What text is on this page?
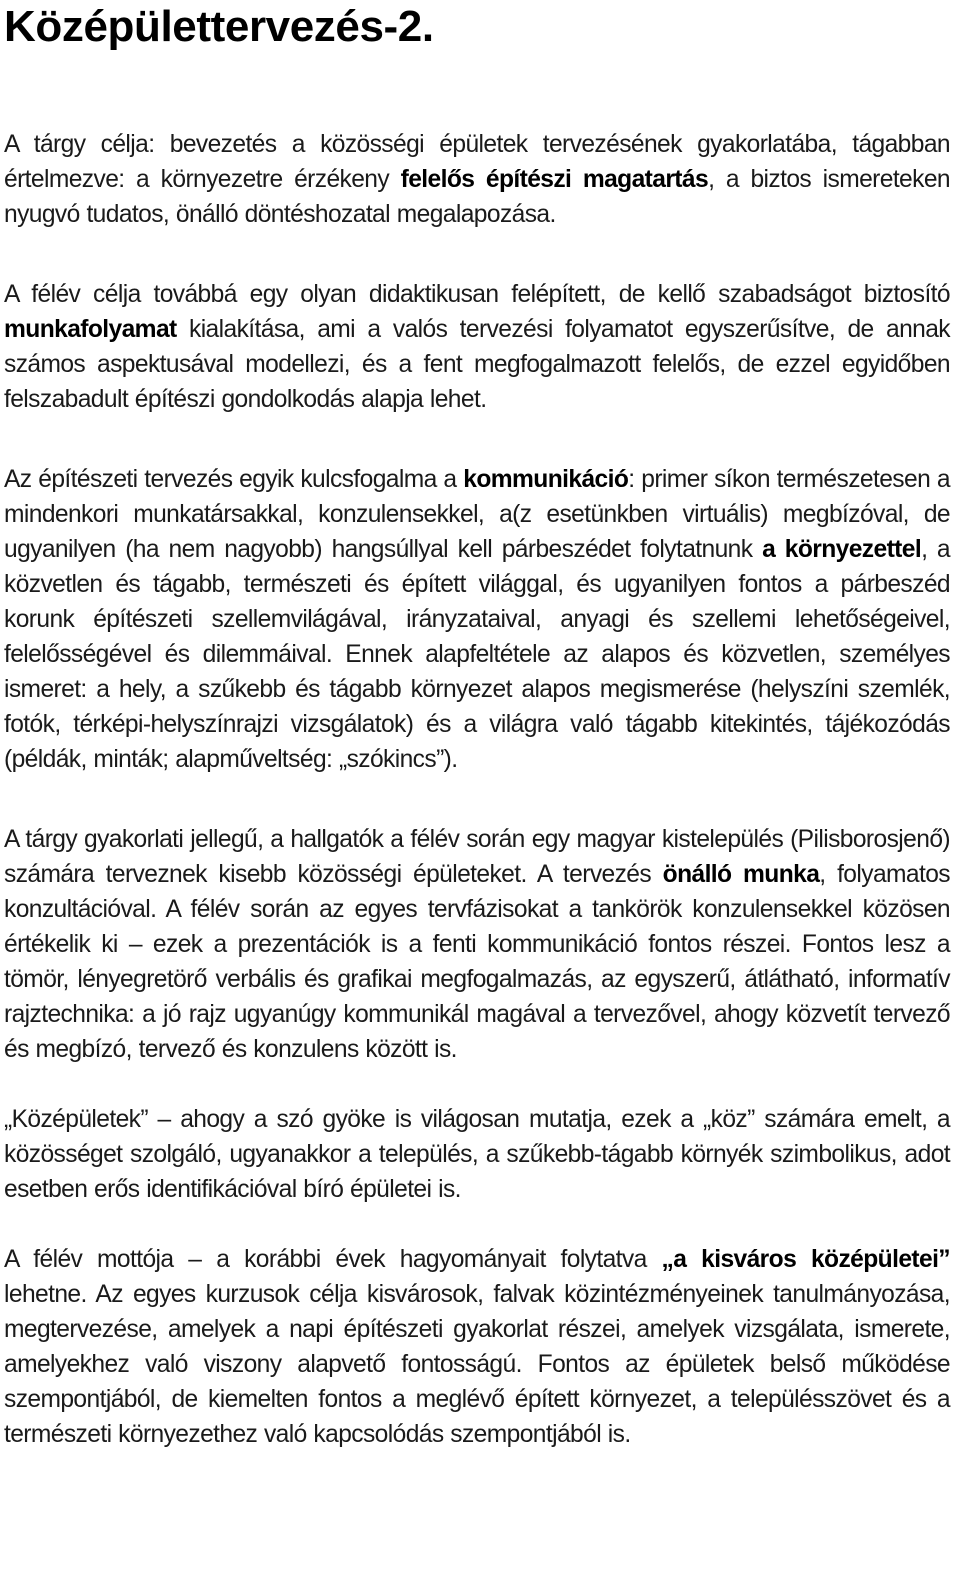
Középülettervezés-2.

A tárgy célja: bevezetés a közösségi épületek tervezésének gyakorlatába, tágabban értelmezve: a környezetre érzékeny felelős építészi magatartás, a biztos ismereteken nyugvó tudatos, önálló döntéshozatal megalapozása.

A félév célja továbbá egy olyan didaktikusan felépített, de kellő szabadságot biztosító munkafolyamat kialakítása, ami a valós tervezési folyamatot egyszerűsítve, de annak számos aspektusával modellezi, és a fent megfogalmazott felelős, de ezzel egyidőben felszabadult építészi gondolkodás alapja lehet.

Az építészeti tervezés egyik kulcsfogalma a kommunikáció: primer síkon természetesen a mindenkori munkatársakkal, konzulensekkel, a(z esetünkben virtuális) megbízóval, de ugyanilyen (ha nem nagyobb) hangsúllyal kell párbeszédet folytatnunk a környezettel, a közvetlen és tágabb, természeti és épített világgal, és ugyanilyen fontos a párbeszéd korunk építészeti szellemvilágával, irányzataival, anyagi és szellemi lehetőségeivel, felelősségével és dilemmáival. Ennek alapfeltétele az alapos és közvetlen, személyes ismeret: a hely, a szűkebb és tágabb környezet alapos megismerése (helyszíni szemlék, fotók, térképi-helyszínrajzi vizsgálatok) és a világra való tágabb kitekintés, tájékozódás (példák, minták; alapműveltség: „szókincs”).

A tárgy gyakorlati jellegű, a hallgatók a félév során egy magyar kistelepülés (Pilisborosjenő) számára terveznek kisebb közösségi épületeket. A tervezés önálló munka, folyamatos konzultációval. A félév során az egyes tervfázisokat a tankörök konzulensekkel közösen értékelik ki – ezek a prezentációk is a fenti kommunikáció fontos részei. Fontos lesz a tömör, lényegretörő verbális és grafikai megfogalmazás, az egyszerű, átlátható, informatív rajztechnika: a jó rajz ugyanúgy kommunikál magával a tervezővel, ahogy közvetít tervező és megbízó, tervező és konzulens között is.

„Középületek” – ahogy a szó gyöke is világosan mutatja, ezek a „köz” számára emelt, a közösséget szolgáló, ugyanakkor a település, a szűkebb-tágabb környék szimbolikus, adot esetben erős identifikációval bíró épületei is.

A félév mottója – a korábbi évek hagyományait folytatva „a kisváros középületei” lehetne. Az egyes kurzusok célja kisvárosok, falvak közintézményeinek tanulmányozása, megtervezése, amelyek a napi építészeti gyakorlat részei, amelyek vizsgálata, ismerete, amelyekhez való viszony alapvető fontosságú. Fontos az épületek belső működése szempontjából, de kiemelten fontos a meglévő épített környezet, a településszövet és a természeti környezethez való kapcsolódás szempontjából is.
